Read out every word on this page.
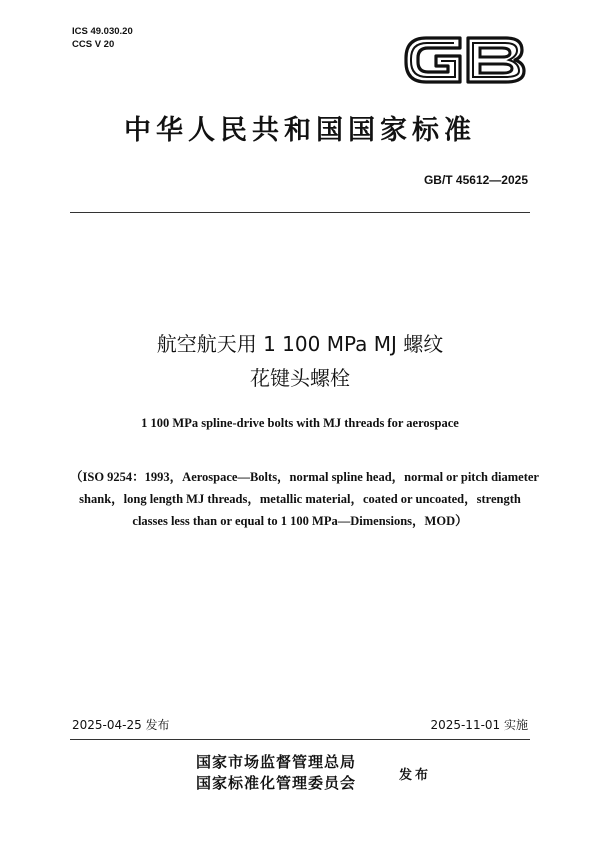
ICS 49.030.20
CCS V 20
中华人民共和国国家标准
GB/T 45612—2025
航空航天用 1 100 MPa MJ 螺纹
花键头螺栓
1 100 MPa spline-drive bolts with MJ threads for aerospace
（ISO 9254：1993，Aerospace—Bolts，normal spline head，normal or pitch diameter
shank，long length MJ threads，metallic material，coated or uncoated，strength
classes less than or equal to 1 100 MPa—Dimensions，MOD）
2025-04-25 发布	2025-11-01 实施
国家市场监督管理总局
国家标准化管理委员会	发布
